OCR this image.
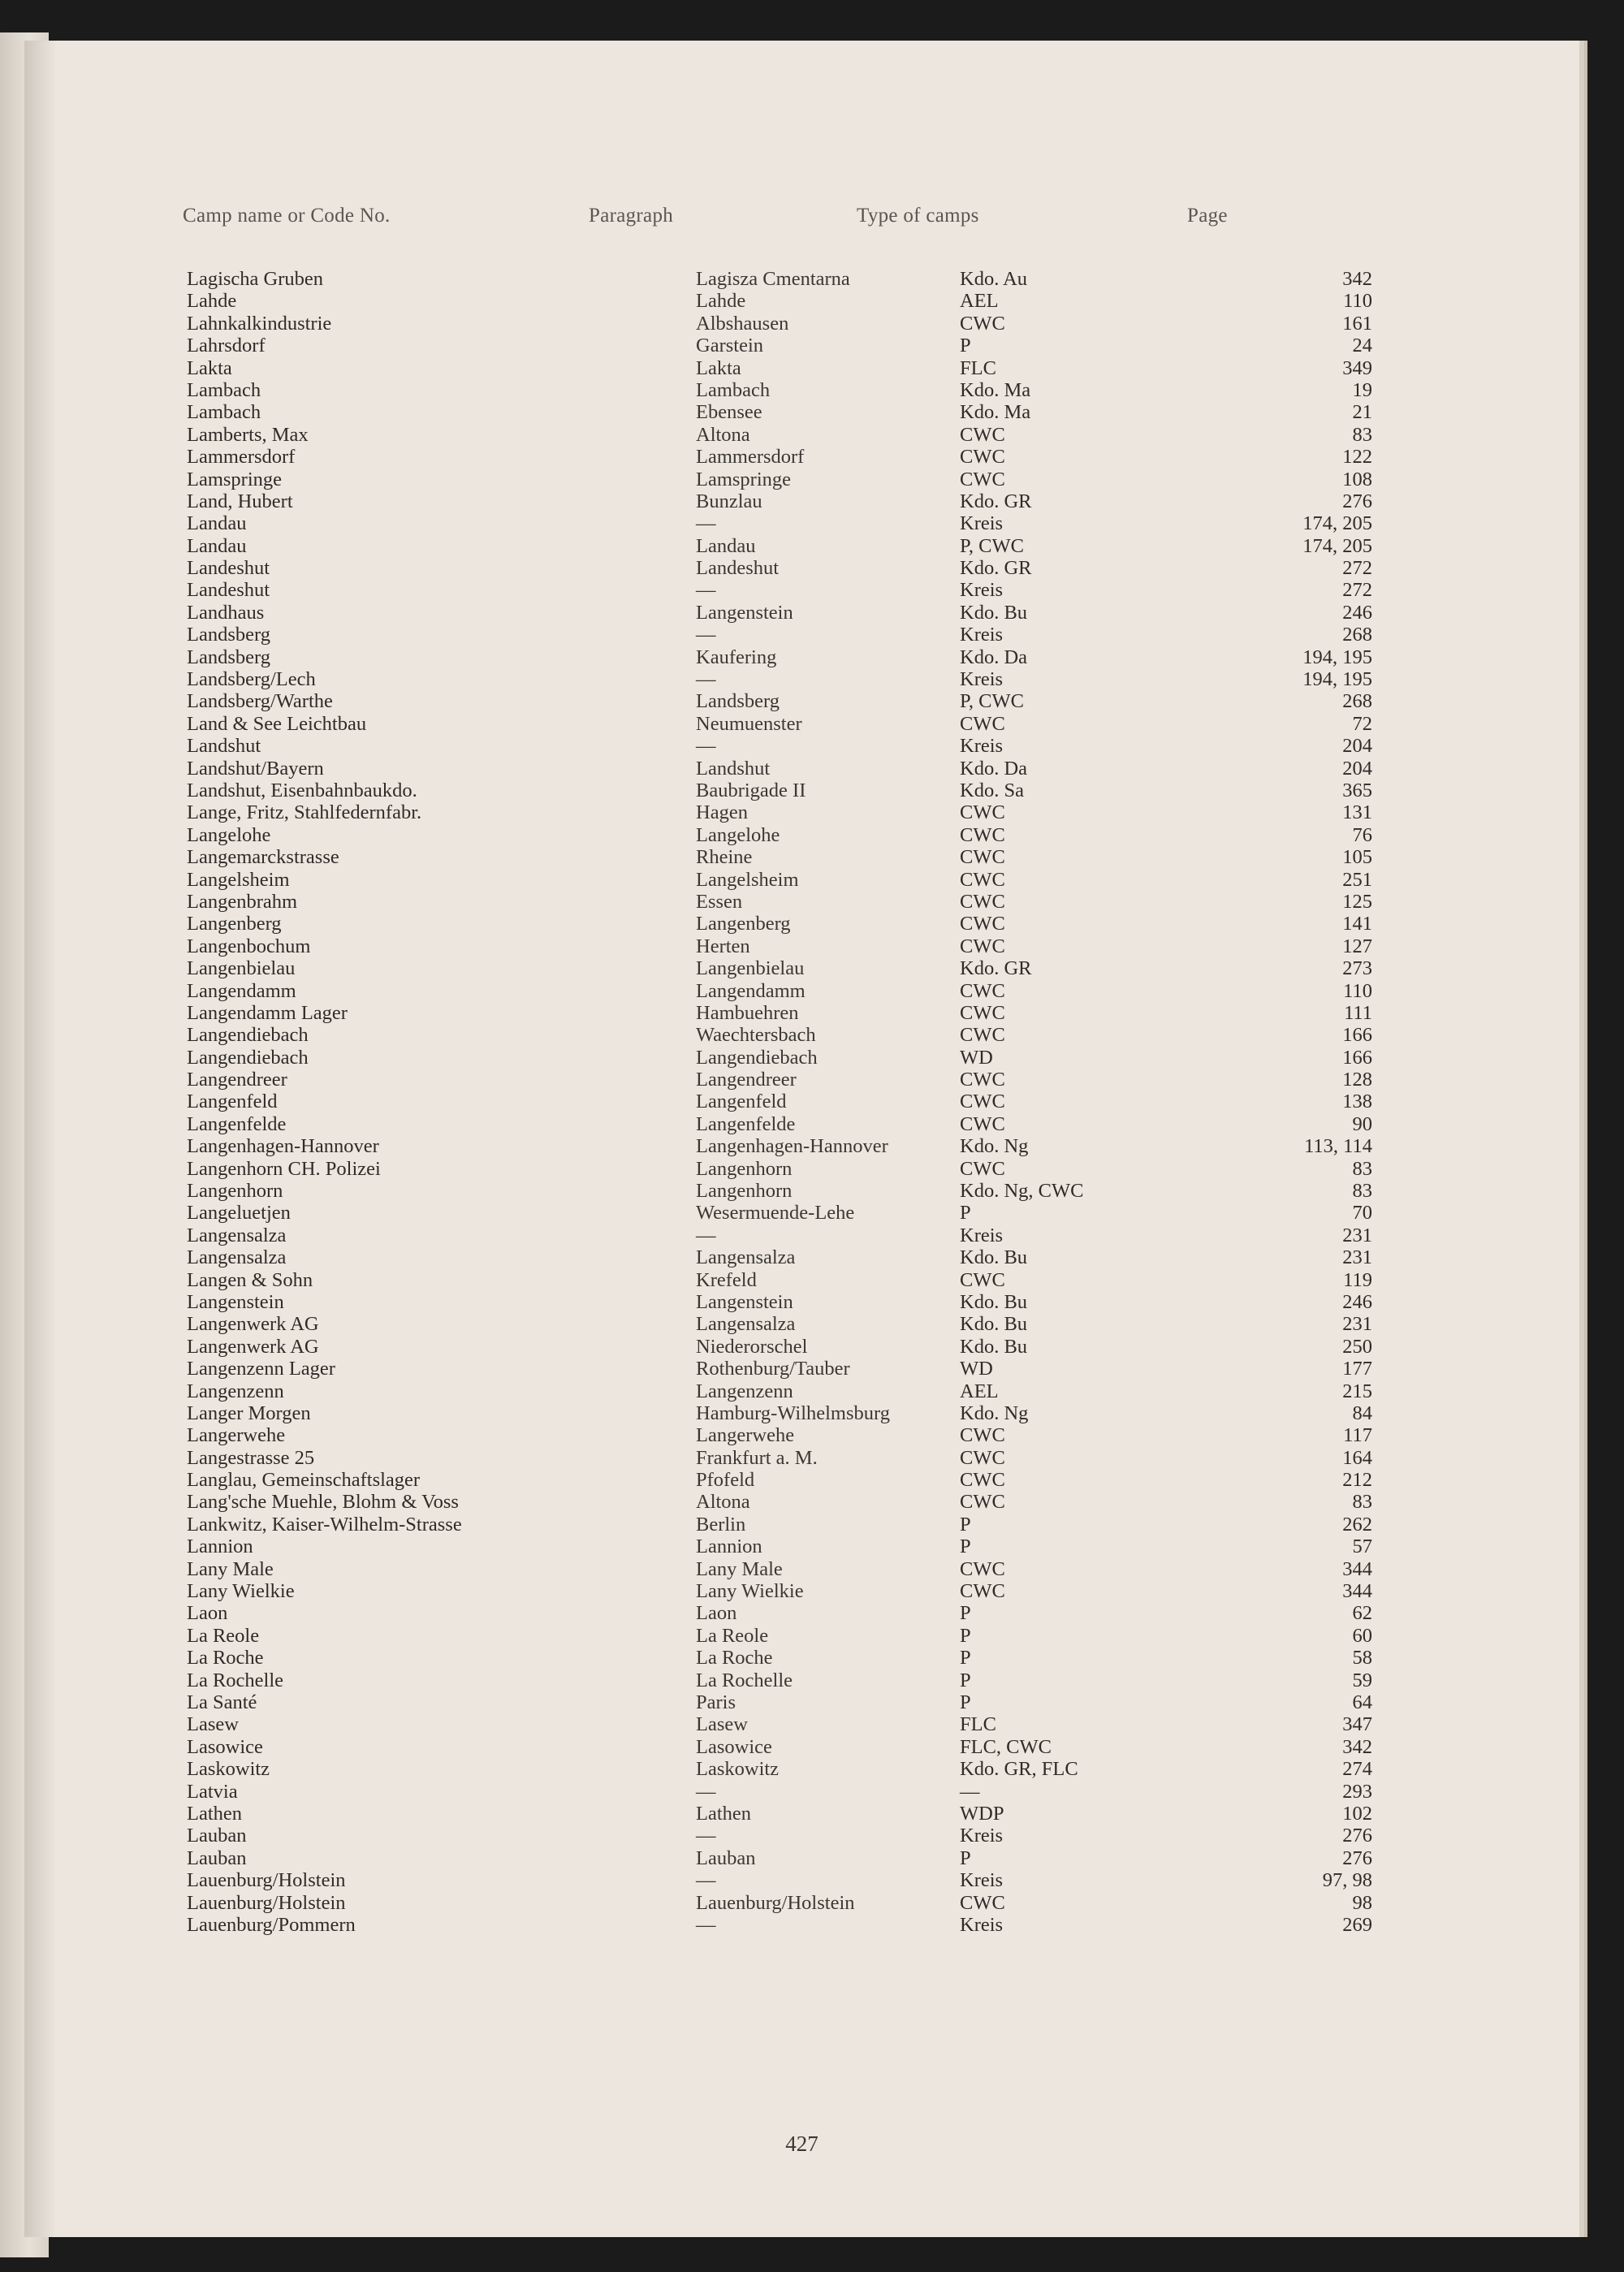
Camp name or Code No.	Paragraph	Type of camps	Page
Lagischa Gruben	Lagisza Cmentarna	Kdo. Au	342
Lahde	Lahde	AEL	110
Lahnkalkindustrie	Albshausen	CWC	161
Lahrsdorf	Garstein	P	24
Lakta	Lakta	FLC	349
Lambach	Lambach	Kdo. Ma	19
Lambach	Ebensee	Kdo. Ma	21
Lamberts, Max	Altona	CWC	83
Lammersdorf	Lammersdorf	CWC	122
Lamspringe	Lamspringe	CWC	108
Land, Hubert	Bunzlau	Kdo. GR	276
Landau	—	Kreis	174, 205
Landau	Landau	P, CWC	174, 205
Landeshut	Landeshut	Kdo. GR	272
Landeshut	—	Kreis	272
Landhaus	Langenstein	Kdo. Bu	246
Landsberg	—	Kreis	268
Landsberg	Kaufering	Kdo. Da	194, 195
Landsberg/Lech	—	Kreis	194, 195
Landsberg/Warthe	Landsberg	P, CWC	268
Land & See Leichtbau	Neumuenster	CWC	72
Landshut	—	Kreis	204
Landshut/Bayern	Landshut	Kdo. Da	204
Landshut, Eisenbahnbaukdo.	Baubrigade II	Kdo. Sa	365
Lange, Fritz, Stahlfedernfabr.	Hagen	CWC	131
Langelohe	Langelohe	CWC	76
Langemarckstrasse	Rheine	CWC	105
Langelsheim	Langelsheim	CWC	251
Langenbrahm	Essen	CWC	125
Langenberg	Langenberg	CWC	141
Langenbochum	Herten	CWC	127
Langenbielau	Langenbielau	Kdo. GR	273
Langendamm	Langendamm	CWC	110
Langendamm Lager	Hambuehren	CWC	111
Langendiebach	Waechtersbach	CWC	166
Langendiebach	Langendiebach	WD	166
Langendreer	Langendreer	CWC	128
Langenfeld	Langenfeld	CWC	138
Langenfelde	Langenfelde	CWC	90
Langenhagen-Hannover	Langenhagen-Hannover	Kdo. Ng	113, 114
Langenhorn CH. Polizei	Langenhorn	CWC	83
Langenhorn	Langenhorn	Kdo. Ng, CWC	83
Langeluetjen	Wesermuende-Lehe	P	70
Langensalza	—	Kreis	231
Langensalza	Langensalza	Kdo. Bu	231
Langen & Sohn	Krefeld	CWC	119
Langenstein	Langenstein	Kdo. Bu	246
Langenwerk AG	Langensalza	Kdo. Bu	231
Langenwerk AG	Niederorschel	Kdo. Bu	250
Langenzenn Lager	Rothenburg/Tauber	WD	177
Langenzenn	Langenzenn	AEL	215
Langer Morgen	Hamburg-Wilhelmsburg	Kdo. Ng	84
Langerwehe	Langerwehe	CWC	117
Langestrasse 25	Frankfurt a. M.	CWC	164
Langlau, Gemeinschaftslager	Pfofeld	CWC	212
Lang'sche Muehle, Blohm & Voss	Altona	CWC	83
Lankwitz, Kaiser-Wilhelm-Strasse	Berlin	P	262
Lannion	Lannion	P	57
Lany Male	Lany Male	CWC	344
Lany Wielkie	Lany Wielkie	CWC	344
Laon	Laon	P	62
La Reole	La Reole	P	60
La Roche	La Roche	P	58
La Rochelle	La Rochelle	P	59
La Santé	Paris	P	64
Lasew	Lasew	FLC	347
Lasowice	Lasowice	FLC, CWC	342
Laskowitz	Laskowitz	Kdo. GR, FLC	274
Latvia	—	—	293
Lathen	Lathen	WDP	102
Lauban	—	Kreis	276
Lauban	Lauban	P	276
Lauenburg/Holstein	—	Kreis	97, 98
Lauenburg/Holstein	Lauenburg/Holstein	CWC	98
Lauenburg/Pommern	—	Kreis	269
427
